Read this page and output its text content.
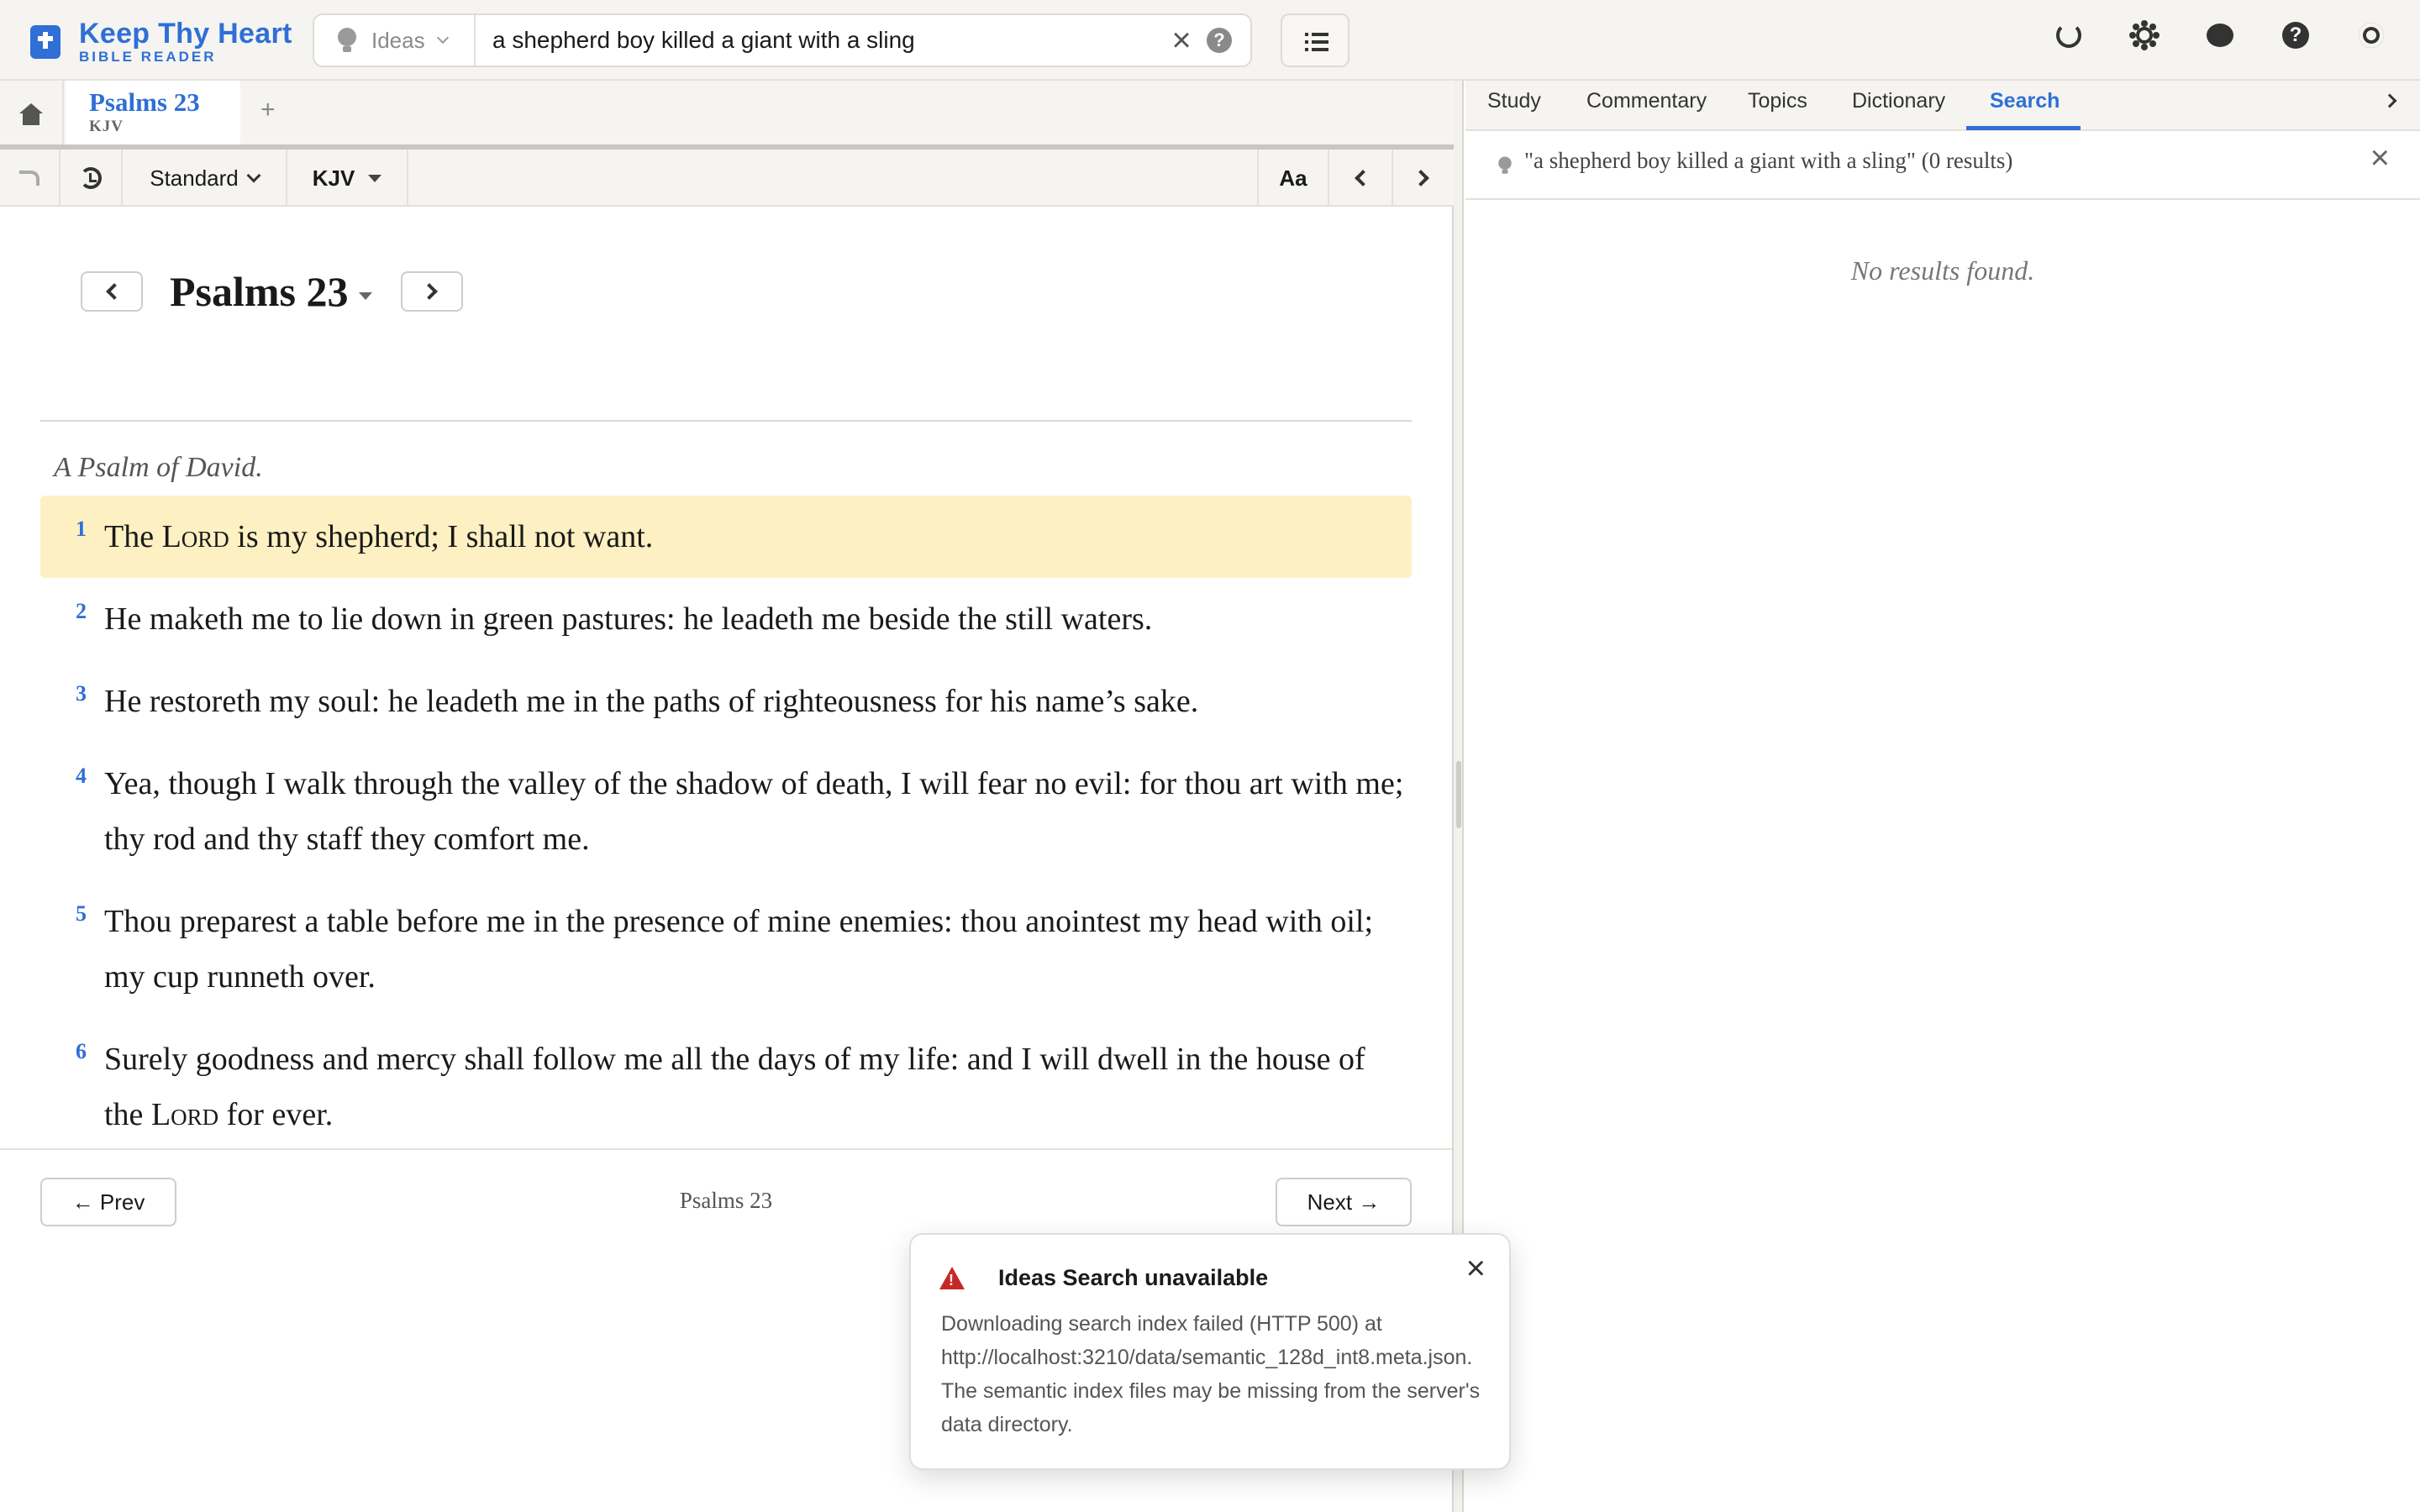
Keep Thy Heart
BIBLE READER
Ideas	a shepherd boy killed a giant with a sling	×	?	?
Psalms 23
KJV
+
Standard	KJV	Aa
Psalms 23
A Psalm of David.
1 The Lord is my shepherd; I shall not want.
2 He maketh me to lie down in green pastures: he leadeth me beside the still waters.
3 He restoreth my soul: he leadeth me in the paths of righteousness for his name’s sake.
4 Yea, though I walk through the valley of the shadow of death, I will fear no evil: for thou art with me; thy rod and thy staff they comfort me.
5 Thou preparest a table before me in the presence of mine enemies: thou anointest my head with oil; my cup runneth over.
6 Surely goodness and mercy shall follow me all the days of my life: and I will dwell in the house of the Lord for ever.
← Prev	Psalms 23	Next →
Study Commentary Topics Dictionary Search
"a shepherd boy killed a giant with a sling" (0 results)	×
No results found.
! Ideas Search unavailable	×
Downloading search index failed (HTTP 500) at http://localhost:3210/data/semantic_128d_int8.meta.json. The semantic index files may be missing from the server's data directory.
